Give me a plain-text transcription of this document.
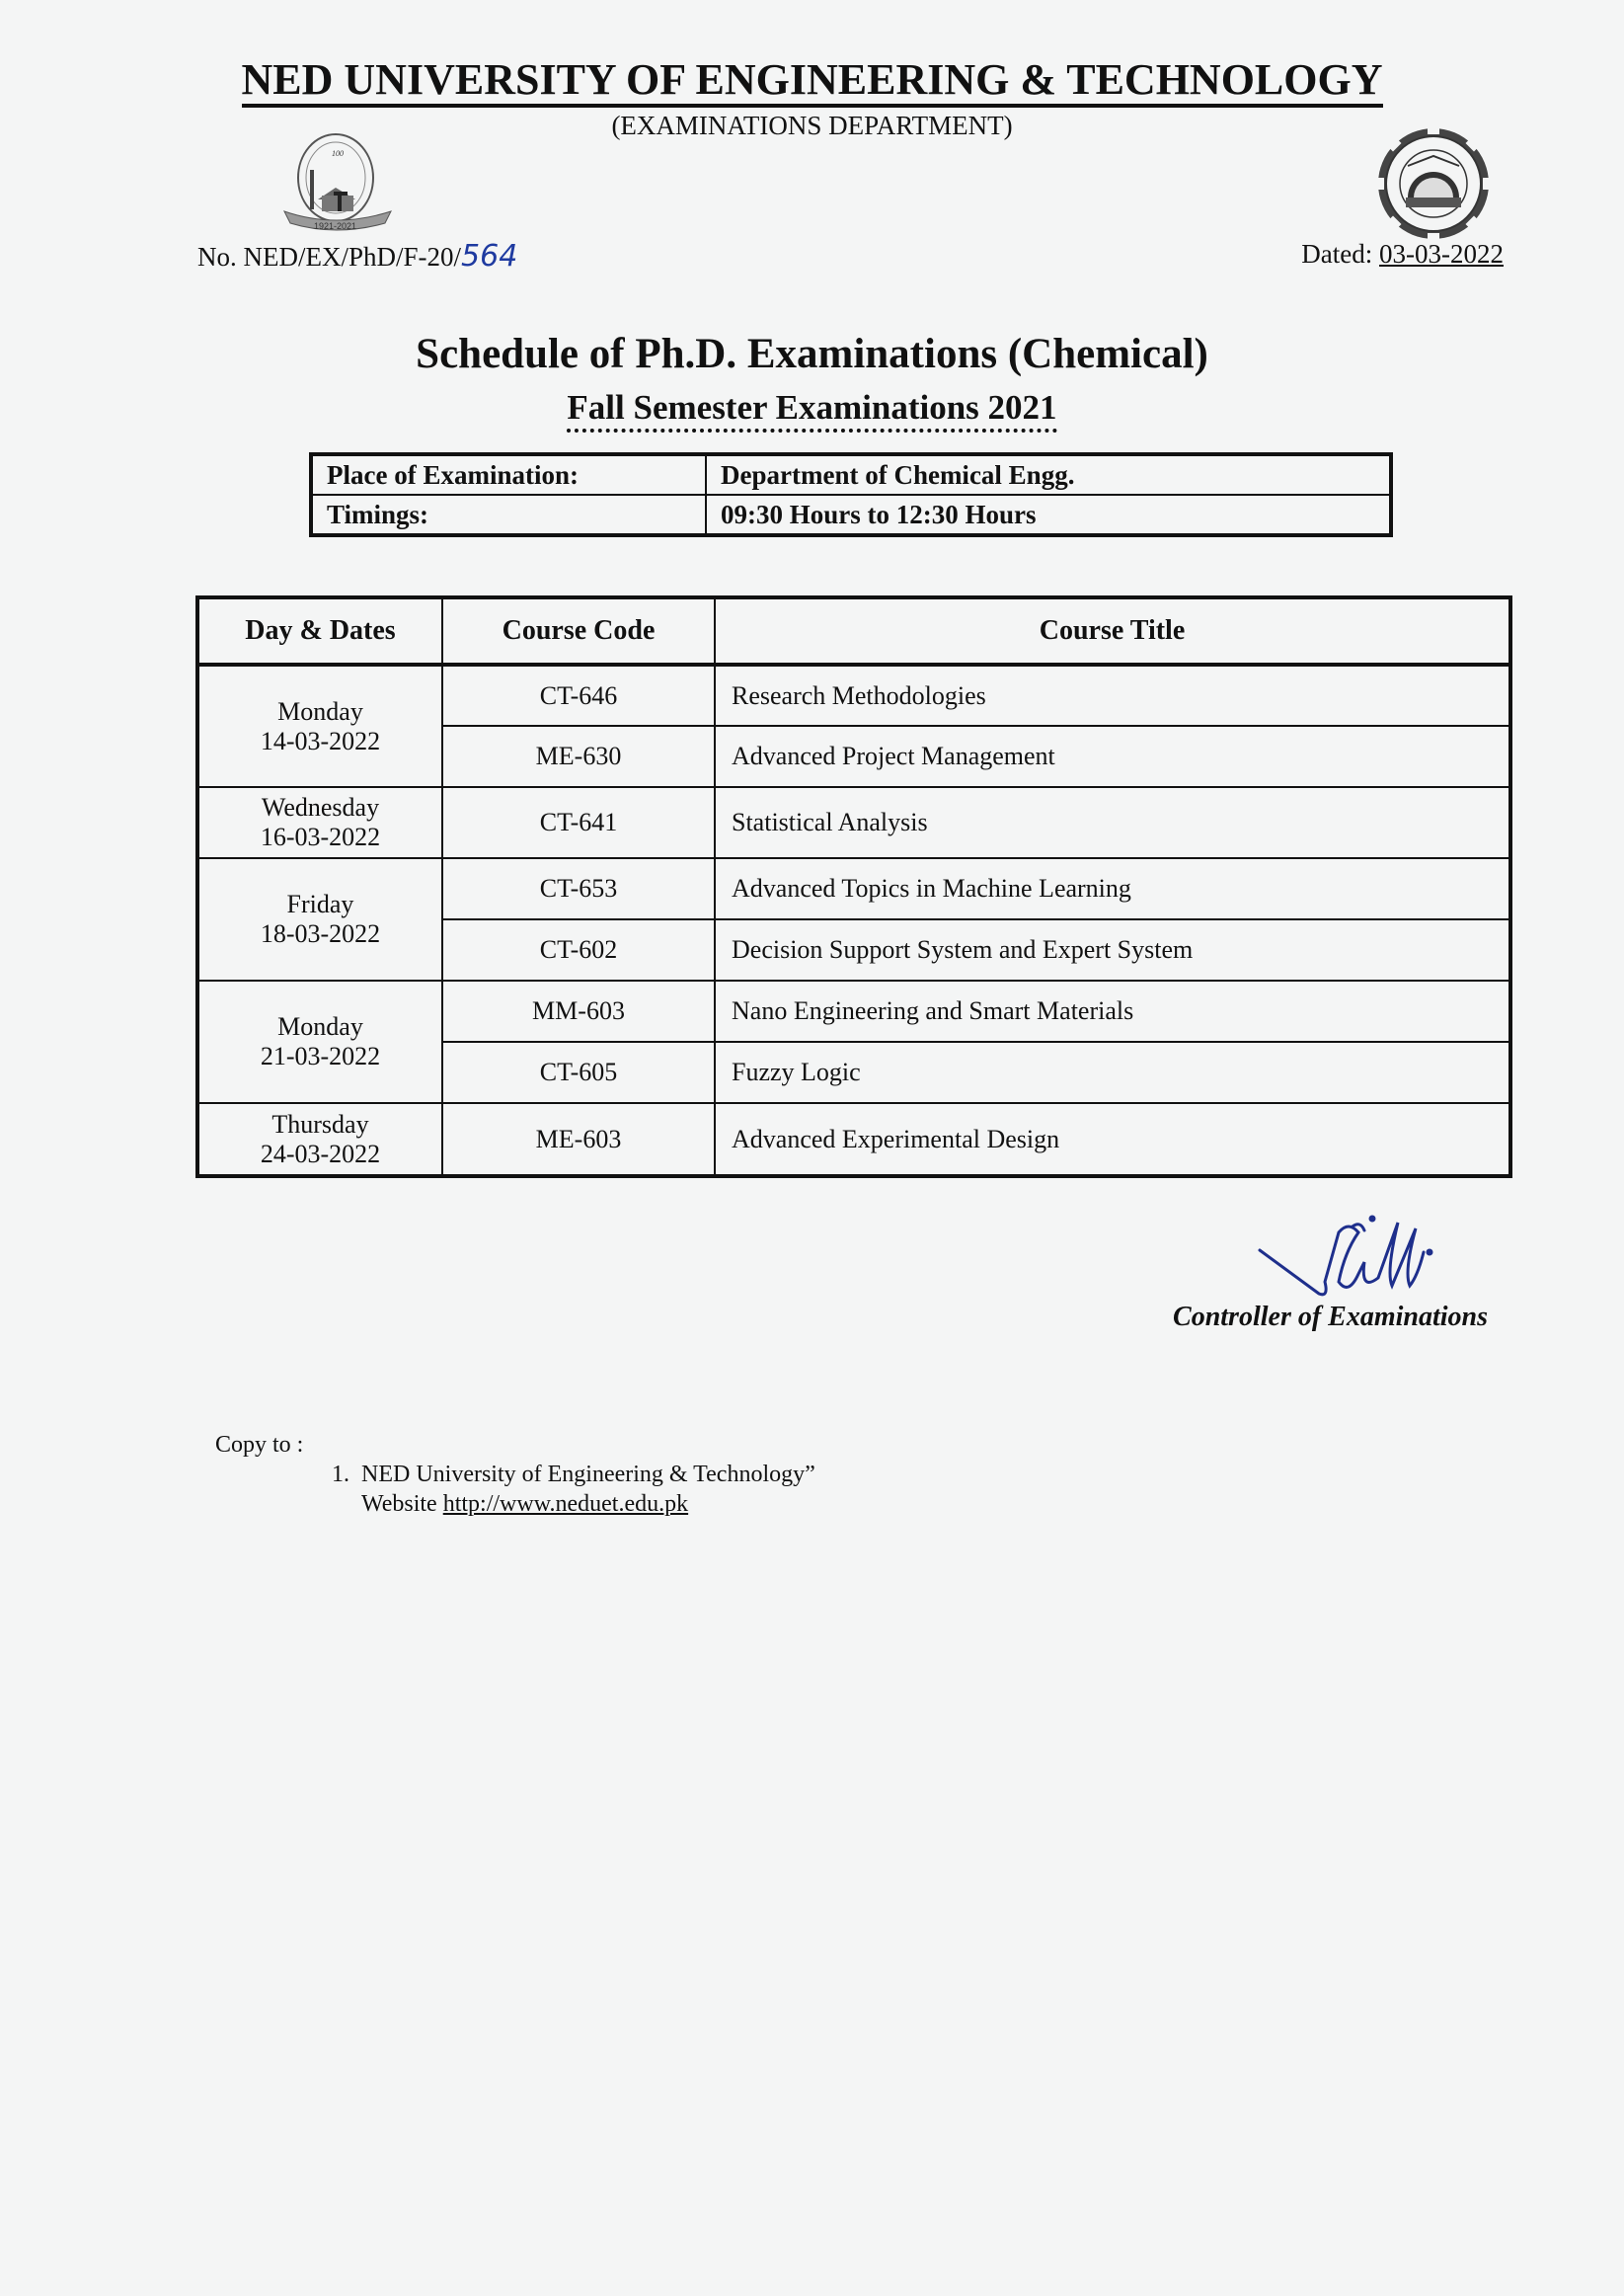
NED UNIVERSITY OF ENGINEERING & TECHNOLOGY
(EXAMINATIONS DEPARTMENT)
100
1921-2021
No. NED/EX/PhD/F-20/564	Dated: 03-03-2022
Schedule of Ph.D. Examinations (Chemical)
Fall Semester Examinations 2021
Place of Examination:	Department of Chemical Engg.
Timings:	09:30 Hours to 12:30 Hours
Day & Dates	Course Code	Course Title

Monday
14-03-2022	CT-646	Research Methodologies
	ME-630	Advanced Project Management

Wednesday
16-03-2022	CT-641	Statistical Analysis

Friday
18-03-2022	CT-653	Advanced Topics in Machine Learning
	CT-602	Decision Support System and Expert System

Monday
21-03-2022	MM-603	Nano Engineering and Smart Materials
	CT-605	Fuzzy Logic

Thursday
24-03-2022	ME-603	Advanced Experimental Design
Controller of Examinations
Copy to :
1. NED University of Engineering & Technology”
Website http://www.neduet.edu.pk
